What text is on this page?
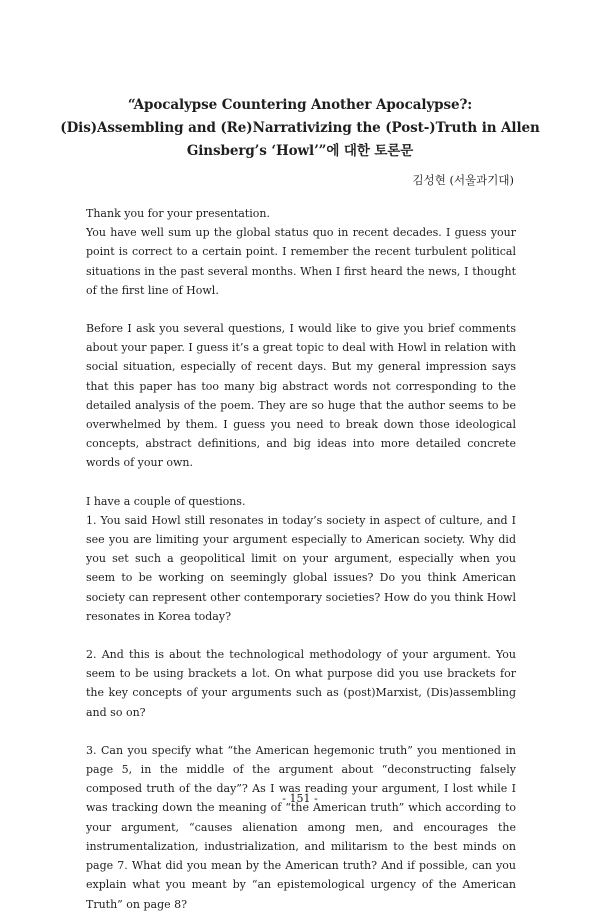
“Apocalypse Countering Another Apocalypse?:
(Dis)Assembling and (Re)Narrativizing the (Post-)Truth in Allen
Ginsberg’s ‘Howl’”에 대한 토론문
김성현 (서울과기대)

Thank you for your presentation.

You have well sum up the global status quo in recent decades. I guess your point is correct to a certain point. I remember the recent turbulent political situations in the past several months. When I first heard the news, I thought of the first line of Howl.

Before I ask you several questions, I would like to give you brief comments about your paper. I guess it’s a great topic to deal with Howl in relation with social situation, especially of recent days. But my general impression says that this paper has too many big abstract words not corresponding to the detailed analysis of the poem. They are so huge that the author seems to be overwhelmed by them. I guess you need to break down those ideological concepts, abstract definitions, and big ideas into more detailed concrete words of your own.

I have a couple of questions.

1. You said Howl still resonates in today’s society in aspect of culture, and I see you are limiting your argument especially to American society. Why did you set such a geopolitical limit on your argument, especially when you seem to be working on seemingly global issues? Do you think American society can represent other contemporary societies? How do you think Howl resonates in Korea today?

2. And this is about the technological methodology of your argument. You seem to be using brackets a lot. On what purpose did you use brackets for the key concepts of your arguments such as (post)Marxist, (Dis)assembling and so on?

3. Can you specify what “the American hegemonic truth” you mentioned in page 5, in the middle of the argument about “deconstructing falsely composed truth of the day”? As I was reading your argument, I lost while I was tracking down the meaning of “the American truth” which according to your argument, “causes alienation among men, and encourages the instrumentalization, industrialization, and militarism to the best minds on page 7. What did you mean by the American truth? And if possible, can you explain what you meant by “an epistemological urgency of the American Truth” on page 8?

- 151 -
